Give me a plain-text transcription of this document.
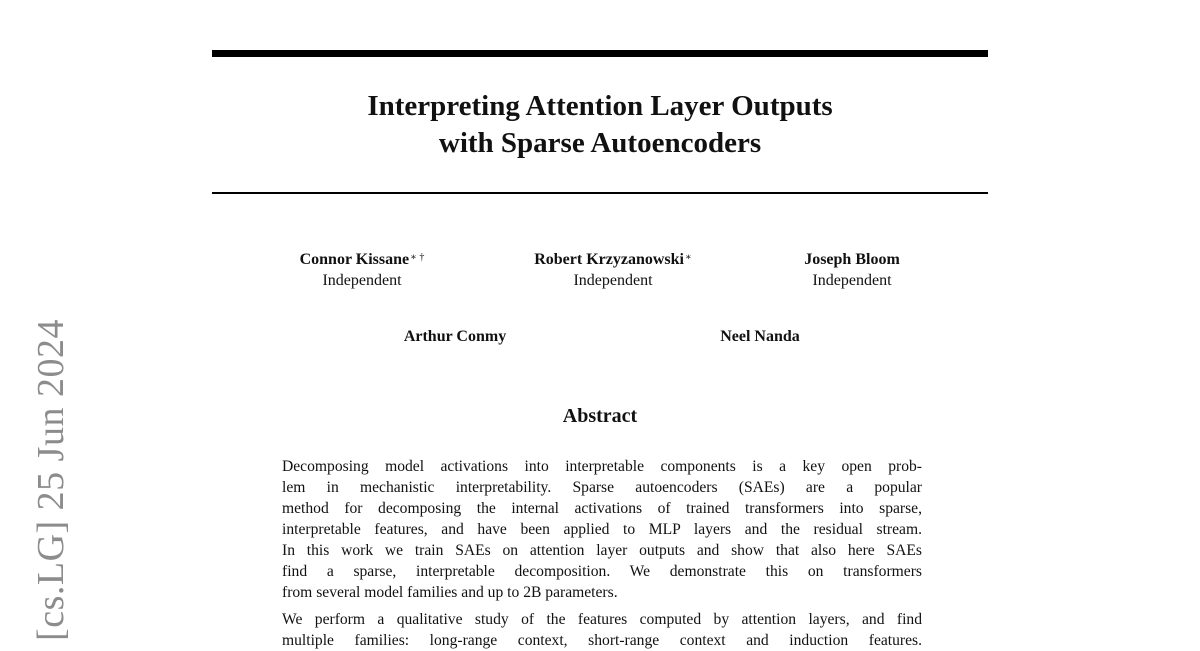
Interpreting Attention Layer Outputs
with Sparse Autoencoders
Connor Kissane∗ †
Independent
Robert Krzyzanowski∗
Independent
Joseph Bloom
Independent
Arthur Conmy	Neel Nanda
Abstract
Decomposing model activations into interpretable components is a key open prob-
lem in mechanistic interpretability. Sparse autoencoders (SAEs) are a popular
method for decomposing the internal activations of trained transformers into sparse,
interpretable features, and have been applied to MLP layers and the residual stream.
In this work we train SAEs on attention layer outputs and show that also here SAEs
find a sparse, interpretable decomposition. We demonstrate this on transformers
from several model families and up to 2B parameters.
We perform a qualitative study of the features computed by attention layers, and find
multiple families: long-range context, short-range context and induction features.
[cs.LG] 25 Jun 2024
